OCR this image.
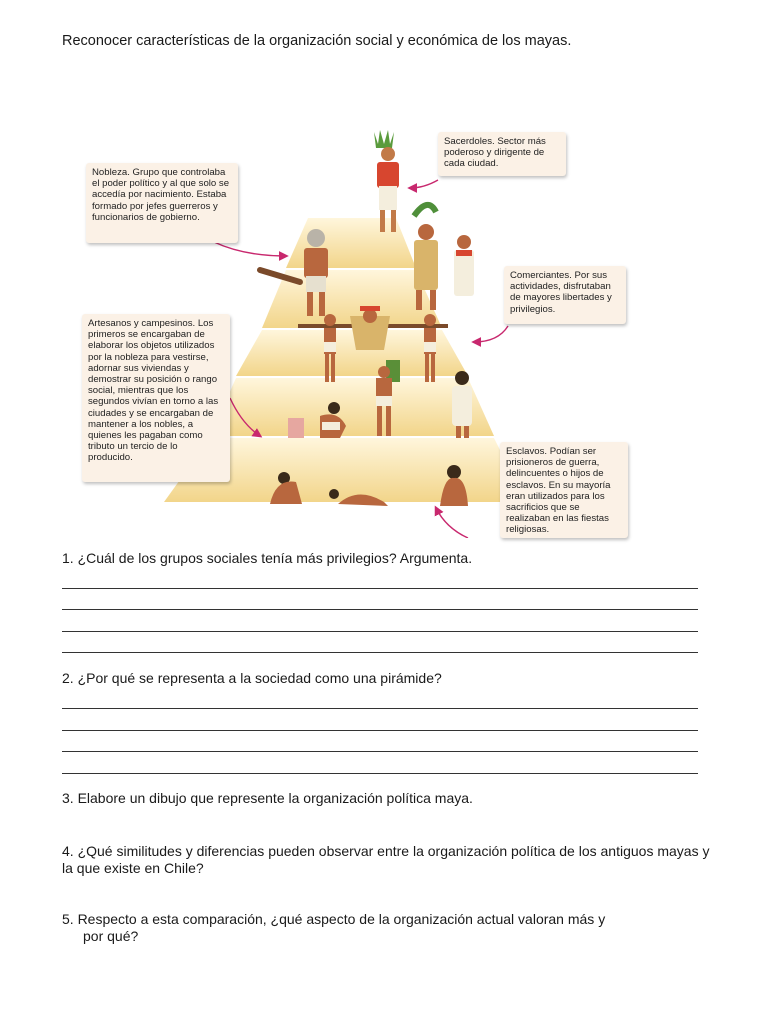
Reconocer características de la organización social y económica de los mayas.
Sacerdoles. Sector más poderoso y dirigente de cada ciudad.
Nobleza. Grupo que controlaba el poder político y al que solo se accedía por nacimiento. Estaba formado por jefes guerreros y funcionarios de gobierno.
Comerciantes. Por sus actividades, disfrutaban de mayores libertades y privilegios.
Artesanos y campesinos. Los primeros se encargaban de elaborar los objetos utilizados por la nobleza para vestirse, adornar sus viviendas y demostrar su posición o rango social, mientras que los segundos vivían en torno a las ciudades y se encargaban de mantener a los nobles, a quienes les pagaban como tributo un tercio de lo producido.
Esclavos. Podían ser prisioneros de guerra, delincuentes o hijos de esclavos. En su mayoría eran utilizados para los sacrificios que se realizaban en las fiestas religiosas.
1. ¿Cuál de los grupos sociales tenía más privilegios? Argumenta.
2. ¿Por qué se representa a la sociedad como una pirámide?
3. Elabore un dibujo que represente la organización política maya.
4. ¿Qué similitudes y diferencias pueden observar entre la organización política de los antiguos mayas y la que existe en Chile?
5. Respecto a esta comparación, ¿qué aspecto de la organización actual valoran más y
por qué?
